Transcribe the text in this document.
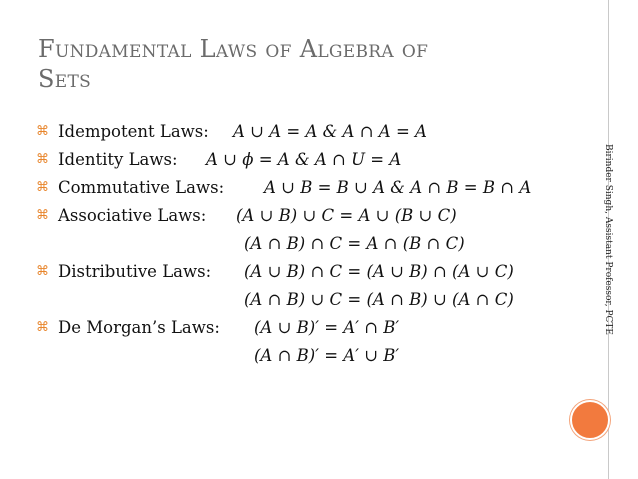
Fundamental Laws of Algebra of
Sets
⌘ Idempotent Laws: A ∪ A = A & A ∩ A = A
⌘ Identity Laws: A ∪ ϕ = A & A ∩ U = A
⌘ Commutative Laws: A ∪ B = B ∪ A & A ∩ B = B ∩ A
⌘ Associative Laws: (A ∪ B) ∪ C = A ∪ (B ∪ C)
(A ∩ B) ∩ C = A ∩ (B ∩ C)
⌘ Distributive Laws: (A ∪ B) ∩ C = (A ∪ B) ∩ (A ∪ C)
(A ∩ B) ∪ C = (A ∩ B) ∪ (A ∩ C)
⌘ De Morgan’s Laws: (A ∪ B)′ = A′ ∩ B′
(A ∩ B)′ = A′ ∪ B′
Birinder Singh, Assistant Professor, PCTE
